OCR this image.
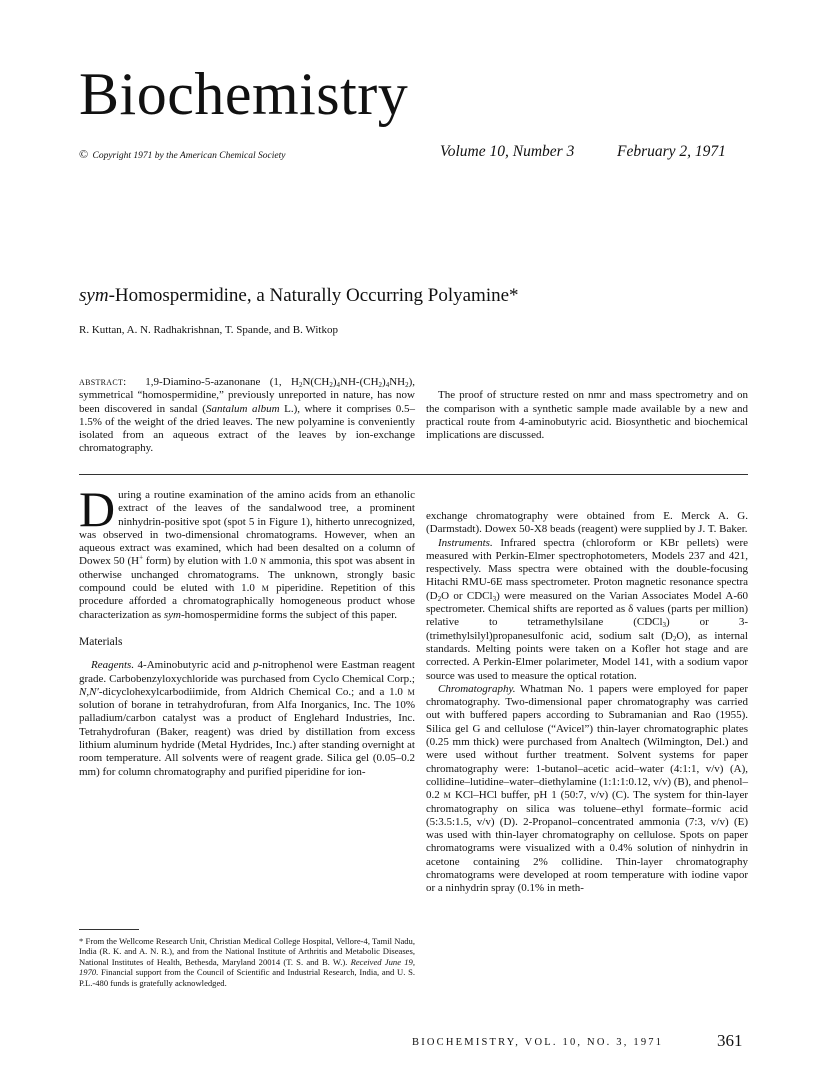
Biochemistry
© Copyright 1971 by the American Chemical Society	Volume 10, Number 3	February 2, 1971
sym-Homospermidine, a Naturally Occurring Polyamine*
R. Kuttan, A. N. Radhakrishnan, T. Spande, and B. Witkop

abstract: 1,9-Diamino-5-azanonane (1, $H_2N(CH_2)_4NH-(CH_2)_4NH_2$), symmetrical “homospermidine,” previously unreported in nature, has now been discovered in sandal (Santalum album L.), where it comprises 0.5–1.5% of the weight of the dried leaves. The new polyamine is conveniently isolated from an aqueous extract of the leaves by ion-exchange chromatography.

The proof of structure rested on nmr and mass spectrometry and on the comparison with a synthetic sample made available by a new and practical route from 4-aminobutyric acid. Biosynthetic and biochemical implications are discussed.

During a routine examination of the amino acids from an ethanolic extract of the leaves of the sandalwood tree, a prominent ninhydrin-positive spot (spot 5 in Figure 1), hitherto unrecognized, was observed in two-dimensional chromatograms. However, when an aqueous extract was examined, which had been desalted on a column of Dowex 50 (H+ form) by elution with 1.0 n ammonia, this spot was absent in otherwise unchanged chromatograms. The unknown, strongly basic compound could be eluted with 1.0 m piperidine. Repetition of this procedure afforded a chromatographically homogeneous product whose characterization as sym-homospermidine forms the subject of this paper.

Materials

Reagents. 4-Aminobutyric acid and p-nitrophenol were Eastman reagent grade. Carbobenzyloxychloride was purchased from Cyclo Chemical Corp.; N,N′-dicyclohexylcarbodiimide, from Aldrich Chemical Co.; and a 1.0 m solution of borane in tetrahydrofuran, from Alfa Inorganics, Inc. The 10% palladium/carbon catalyst was a product of Englehard Industries, Inc. Tetrahydrofuran (Baker, reagent) was dried by distillation from excess lithium aluminum hydride (Metal Hydrides, Inc.) after standing overnight at room temperature. All solvents were of reagent grade. Silica gel (0.05–0.2 mm) for column chromatography and purified piperidine for ion-

exchange chromatography were obtained from E. Merck A. G. (Darmstadt). Dowex 50-X8 beads (reagent) were supplied by J. T. Baker.

Instruments. Infrared spectra (chloroform or KBr pellets) were measured with Perkin-Elmer spectrophotometers, Models 237 and 421, respectively. Mass spectra were obtained with the double-focusing Hitachi RMU-6E mass spectrometer. Proton magnetic resonance spectra ($D_2O$ or CDCl$_3$) were measured on the Varian Associates Model A-60 spectrometer. Chemical shifts are reported as δ values (parts per million) relative to tetramethylsilane (CDCl$_3$) or 3-(trimethylsilyl)propanesulfonic acid, sodium salt $(D_2O)$, as internal standards. Melting points were taken on a Kofler hot stage and are corrected. A Perkin-Elmer polarimeter, Model 141, with a sodium vapor source was used to measure the optical rotation.

Chromatography. Whatman No. 1 papers were employed for paper chromatography. Two-dimensional paper chromatography was carried out with buffered papers according to Subramanian and Rao (1955). Silica gel G and cellulose (“Avicel”) thin-layer chromatographic plates (0.25 mm thick) were purchased from Analtech (Wilmington, Del.) and were used without further treatment. Solvent systems for paper chromatography were: 1-butanol–acetic acid–water (4:1:1, v/v) (A), collidine–lutidine–water–diethylamine (1:1:1:0.12, v/v) (B), and phenol–0.2 m KCl–HCl buffer, pH 1 (50:7, v/v) (C). The system for thin-layer chromatography on silica was toluene–ethyl formate–formic acid (5:3.5:1.5, v/v) (D). 2-Propanol–concentrated ammonia (7:3, v/v) (E) was used with thin-layer chromatography on cellulose. Spots on paper chromatograms were visualized with a 0.4% solution of ninhydrin in acetone containing 2% collidine. Thin-layer chromatography chromatograms were developed at room temperature with iodine vapor or a ninhydrin spray (0.1% in meth-

* From the Wellcome Research Unit, Christian Medical College Hospital, Vellore-4, Tamil Nadu, India (R. K. and A. N. R.), and from the National Institute of Arthritis and Metabolic Diseases, National Institutes of Health, Bethesda, Maryland 20014 (T. S. and B. W.). Received June 19, 1970. Financial support from the Council of Scientific and Industrial Research, India, and U. S. P.L.-480 funds is gratefully acknowledged.
BIOCHEMISTRY, VOL. 10, NO. 3, 1971	361
